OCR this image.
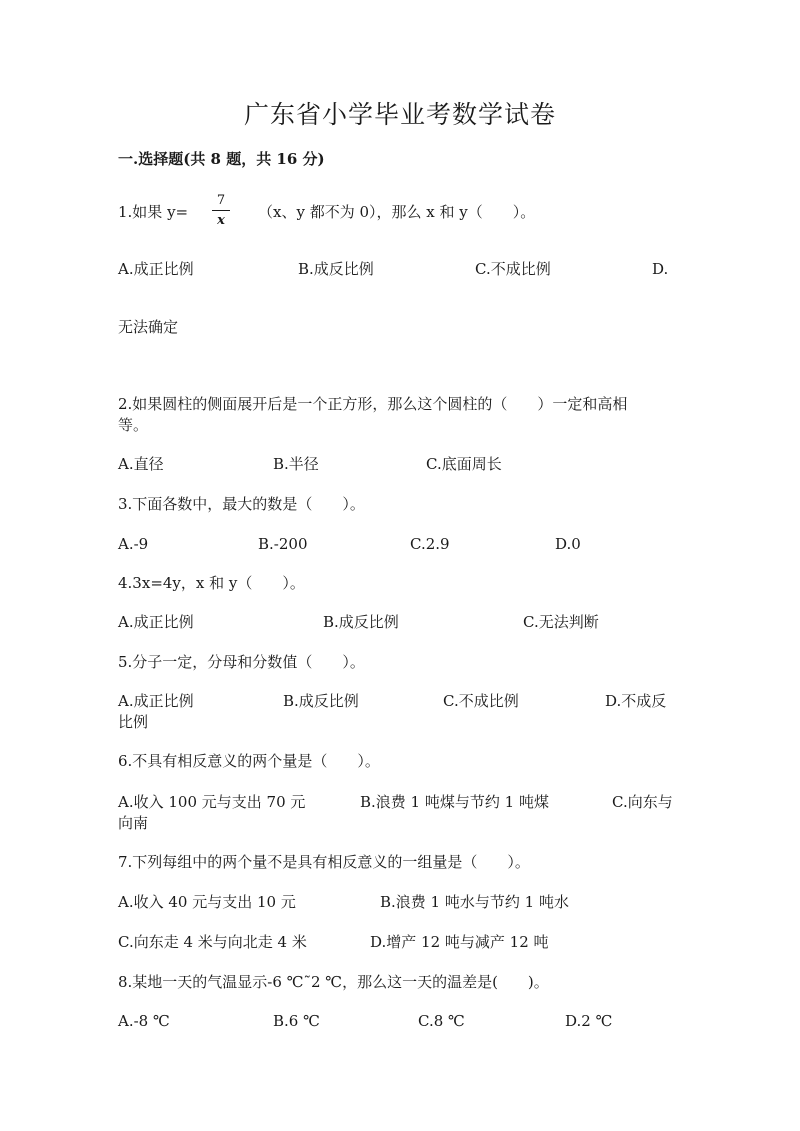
广东省小学毕业考数学试卷
一.选择题(共 8 题，共 16 分)
1.如果 y=	（x、y 都不为 0），那么 x 和 y（　　）。
7
x
A.成正比例	B.成反比例	C.不成比例	D.
无法确定
2.如果圆柱的侧面展开后是一个正方形，那么这个圆柱的（　　）一定和高相
等。
A.直径	B.半径	C.底面周长
3.下面各数中，最大的数是（　　）。
A.-9	B.-200	C.2.9	D.0
4.3x=4y，x 和 y（　　）。
A.成正比例	B.成反比例	C.无法判断
5.分子一定，分母和分数值（　　）。
A.成正比例	B.成反比例	C.不成比例	D.不成反
比例
6.不具有相反意义的两个量是（　　）。
A.收入 100 元与支出 70 元	B.浪费 1 吨煤与节约 1 吨煤	C.向东与
向南
7.下列每组中的两个量不是具有相反意义的一组量是（　　）。
A.收入 40 元与支出 10 元	B.浪费 1 吨水与节约 1 吨水
C.向东走 4 米与向北走 4 米	D.增产 12 吨与减产 12 吨
8.某地一天的气温显示-6 ℃˜2 ℃，那么这一天的温差是(　　)。
A.-8 ℃	B.6 ℃	C.8 ℃	D.2 ℃
